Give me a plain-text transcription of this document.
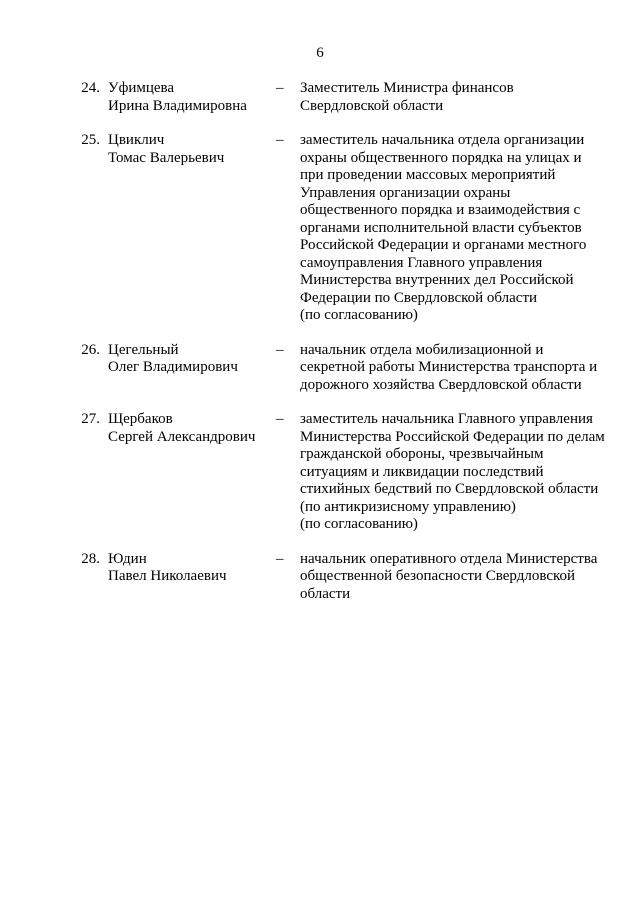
6
24. Уфимцева
Ирина Владимировна
–	Заместитель Министра финансов
Свердловской области
25. Цвиклич
Томас Валерьевич
–	заместитель начальника отдела организации
охраны общественного порядка на улицах и
при проведении массовых мероприятий
Управления организации охраны
общественного порядка и взаимодействия с
органами исполнительной власти субъектов
Российской Федерации и органами местного
самоуправления Главного управления
Министерства внутренних дел Российской
Федерации по Свердловской области
(по согласованию)
26. Цегельный
Олег Владимирович
–	начальник отдела мобилизационной и
секретной работы Министерства транспорта и
дорожного хозяйства Свердловской области
27. Щербаков
Сергей Александрович
–	заместитель начальника Главного управления
Министерства Российской Федерации по делам
гражданской обороны, чрезвычайным
ситуациям и ликвидации последствий
стихийных бедствий по Свердловской области
(по антикризисному управлению)
(по согласованию)
28. Юдин
Павел Николаевич
–	начальник оперативного отдела Министерства
общественной безопасности Свердловской
области
